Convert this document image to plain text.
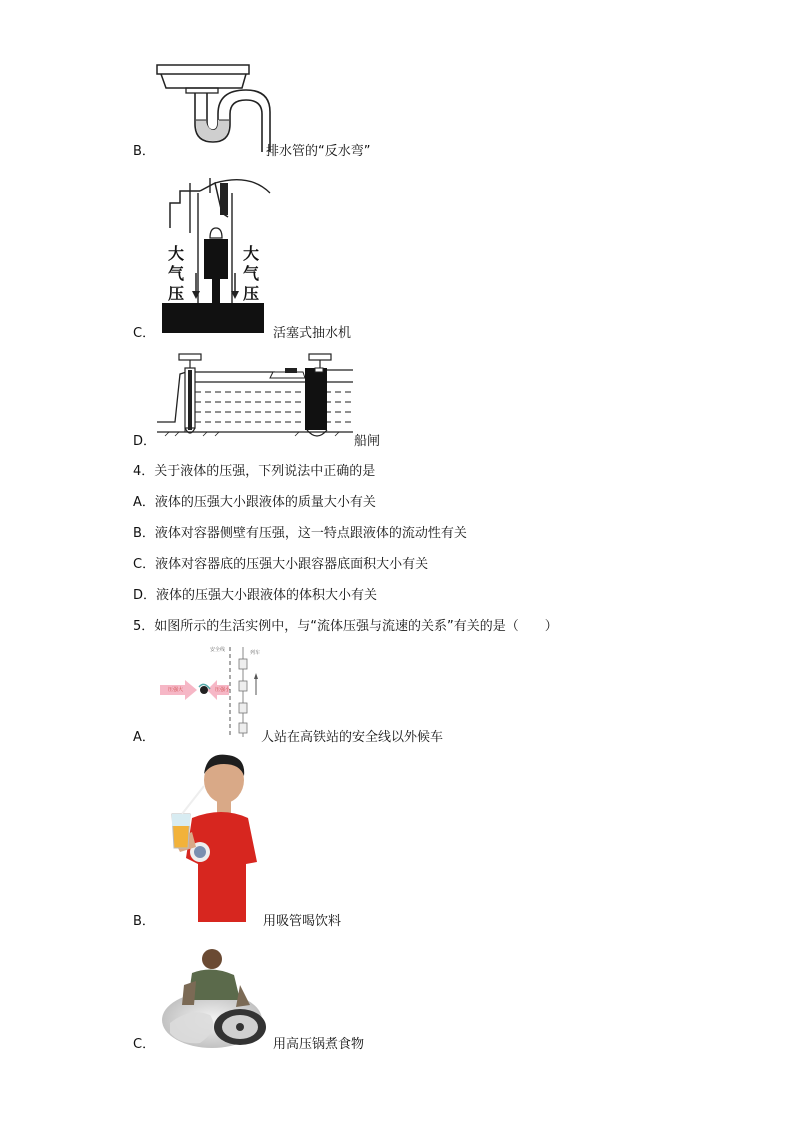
B．	排水管的“反水弯”
大
气
压
大
气
压
C．	活塞式抽水机
D．	船闸
4．关于液体的压强，下列说法中正确的是
A．液体的压强大小跟液体的质量大小有关
B．液体对容器侧壁有压强，这一特点跟液体的流动性有关
C．液体对容器底的压强大小跟容器底面积大小有关
D．液体的压强大小跟液体的体积大小有关
5．如图所示的生活实例中，与“流体压强与流速的关系”有关的是（　　）
安全线	列车
压强大	压强小
A．	人站在高铁站的安全线以外候车
B．	用吸管喝饮料
C．	用高压锅煮食物
